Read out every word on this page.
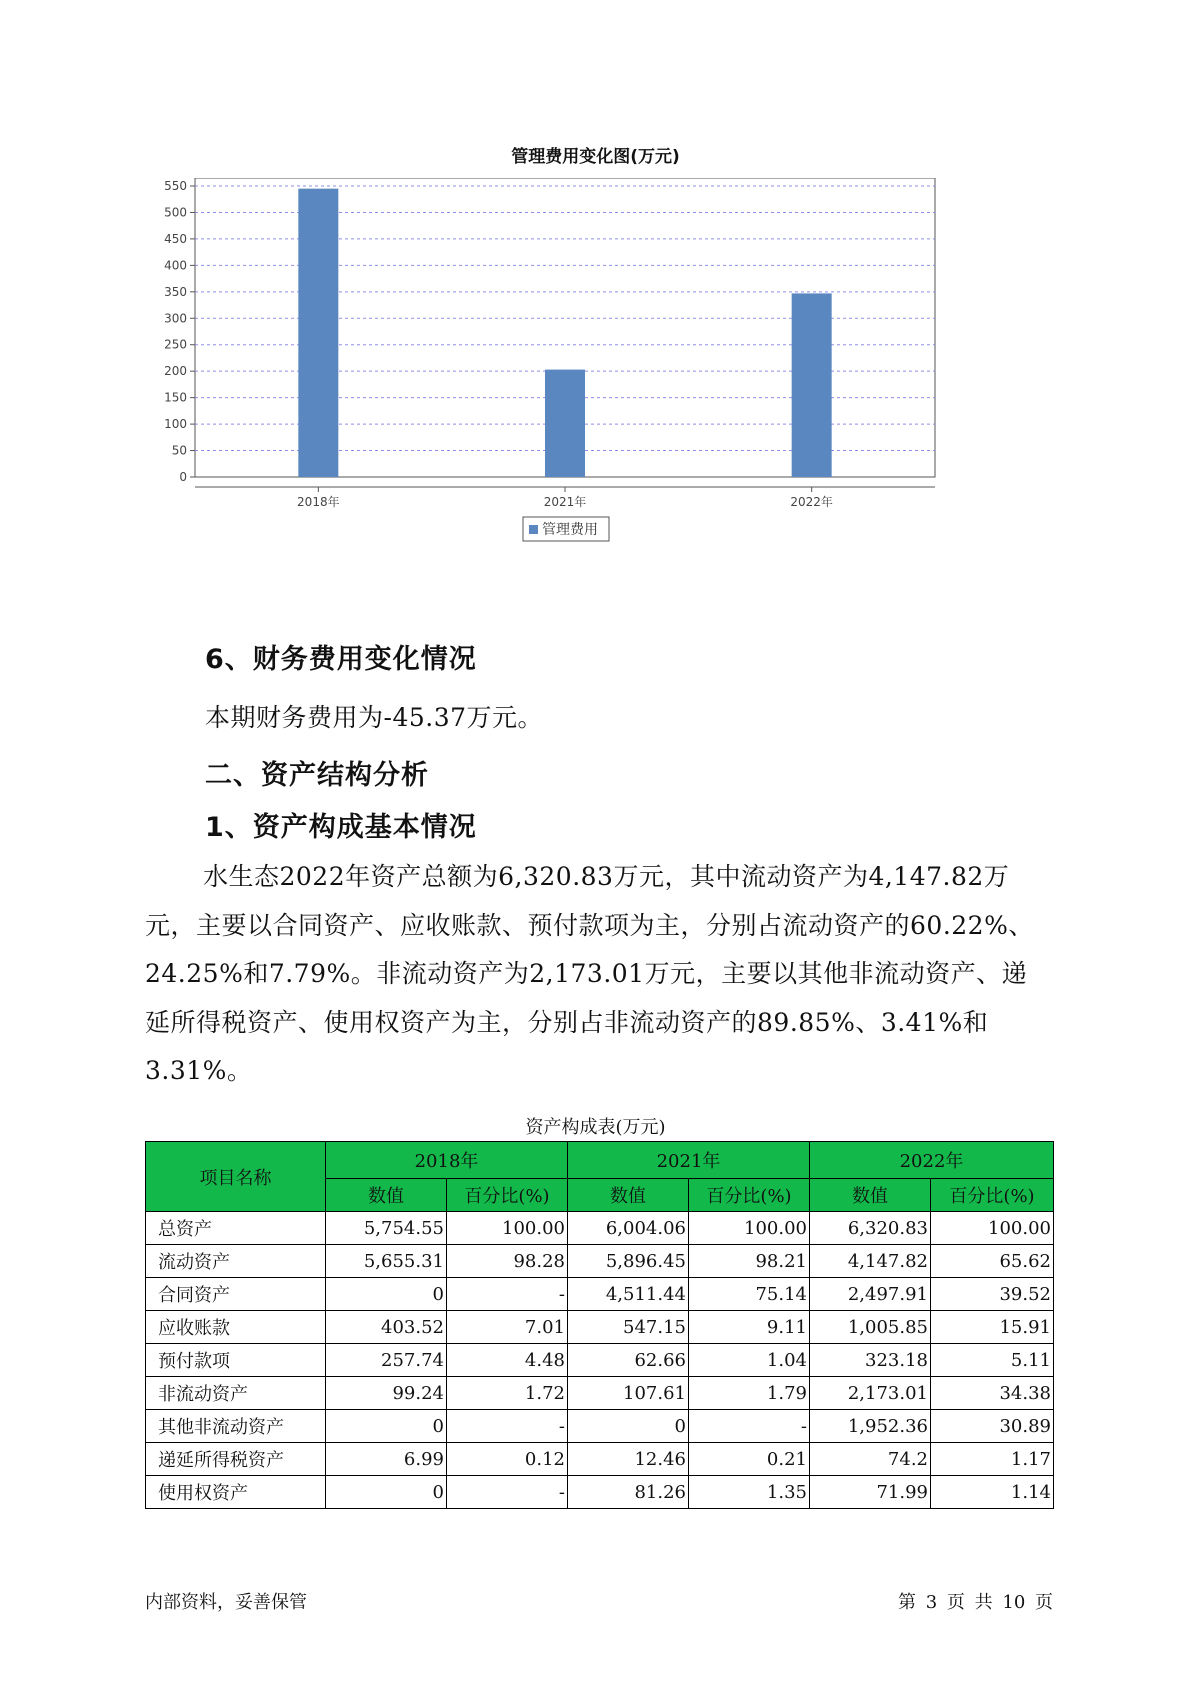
管理费用变化图(万元)
0
50
100
150
200
250
300
350
400
450
500
550
2018年	2021年	2022年
管理费用
6、财务费用变化情况
本期财务费用为-45.37万元。
二、资产结构分析
1、资产构成基本情况
水生态2022年资产总额为6,320.83万元，其中流动资产为4,147.82万元，主要以合同资产、应收账款、预付款项为主，分别占流动资产的60.22%、24.25%和7.79%。非流动资产为2,173.01万元，主要以其他非流动资产、递延所得税资产、使用权资产为主，分别占非流动资产的89.85%、3.41%和3.31%。
资产构成表(万元)
项目名称	2018年		2021年		2022年	
	数值	百分比(%)	数值	百分比(%)	数值	百分比(%)
总资产	5,754.55	100.00	6,004.06	100.00	6,320.83	100.00
流动资产	5,655.31	98.28	5,896.45	98.21	4,147.82	65.62
合同资产	0	-	4,511.44	75.14	2,497.91	39.52
应收账款	403.52	7.01	547.15	9.11	1,005.85	15.91
预付款项	257.74	4.48	62.66	1.04	323.18	5.11
非流动资产	99.24	1.72	107.61	1.79	2,173.01	34.38
其他非流动资产	0	-	0	-	1,952.36	30.89
递延所得税资产	6.99	0.12	12.46	0.21	74.2	1.17
使用权资产	0	-	81.26	1.35	71.99	1.14
内部资料，妥善保管	第 3 页 共 10 页
